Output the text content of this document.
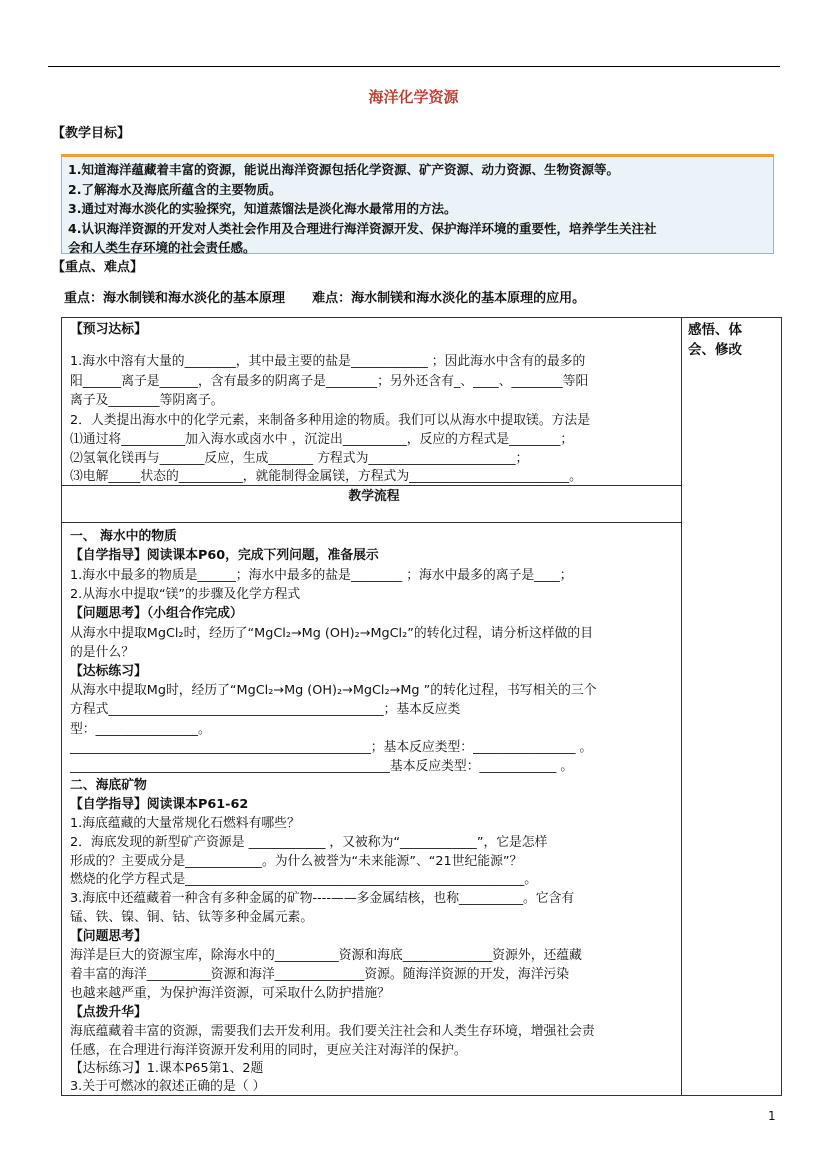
海洋化学资源
【教学目标】
1.知道海洋蕴藏着丰富的资源，能说出海洋资源包括化学资源、矿产资源、动力资源、生物资源等。
2.了解海水及海底所蕴含的主要物质。
3.通过对海水淡化的实验探究，知道蒸馏法是淡化海水最常用的方法。
4.认识海洋资源的开发对人类社会作用及合理进行海洋资源开发、保护海洋环境的重要性，培养学生关注社
会和人类生存环境的社会责任感。
【重点、难点】
重点：海水制镁和海水淡化的基本原理      难点：海水制镁和海水淡化的基本原理的应用。
感悟、体
会、修改
【预习达标】
1.海水中溶有大量的________，其中最主要的盐是____________ ；因此海水中含有的最多的
阳______离子是______，含有最多的阴离子是________；另外还含有_、____、________等阳
离子及________等阴离子。
2．人类提出海水中的化学元素，来制备多种用途的物质。我们可以从海水中提取镁。方法是
⑴通过将__________加入海水或卤水中 ，沉淀出__________，反应的方程式是________；
⑵氢氧化镁再与_______反应，生成_______ 方程式为_______________________；
⑶电解_____状态的__________，就能制得金属镁，方程式为_________________________。
教学流程
一、 海水中的物质
【自学指导】阅读课本P60，完成下列问题，准备展示
1.海水中最多的物质是______；海水中最多的盐是________ ；海水中最多的离子是____；
2.从海水中提取“镁”的步骤及化学方程式
【问题思考】（小组合作完成）
从海水中提取MgCl₂时，经历了“MgCl₂→Mg (OH)₂→MgCl₂”的转化过程，请分析这样做的目
的是什么？
【达标练习】
从海水中提取Mg时，经历了“MgCl₂→Mg (OH)₂→MgCl₂→Mg ”的转化过程，书写相关的三个
方程式___________________________________________；基本反应类
型：________________。
_______________________________________________；基本反应类型：________________ 。
__________________________________________________基本反应类型：____________ 。
二、海底矿物
【自学指导】阅读课本P61-62
1.海底蕴藏的大量常规化石燃料有哪些？
2．海底发现的新型矿产资源是 ____________ ，又被称为“____________”，它是怎样
形成的？主要成分是____________。为什么被誉为“未来能源”、“21世纪能源”？
燃烧的化学方程式是_____________________________________________________。
3.海底中还蕴藏着一种含有多种金属的矿物----——多金属结核，也称__________。它含有
锰、铁、镍、铜、钴、钛等多种金属元素。
【问题思考】
海洋是巨大的资源宝库，除海水中的__________资源和海底______________资源外，还蕴藏
着丰富的海洋__________资源和海洋______________资源。随海洋资源的开发，海洋污染
也越来越严重，为保护海洋资源，可采取什么防护措施？
【点拨升华】
海底蕴藏着丰富的资源，需要我们去开发利用。我们要关注社会和人类生存环境，增强社会责
任感，在合理进行海洋资源开发利用的同时，更应关注对海洋的保护。
【达标练习】1.课本P65第1、2题
3.关于可燃冰的叙述正确的是（ ）
1
